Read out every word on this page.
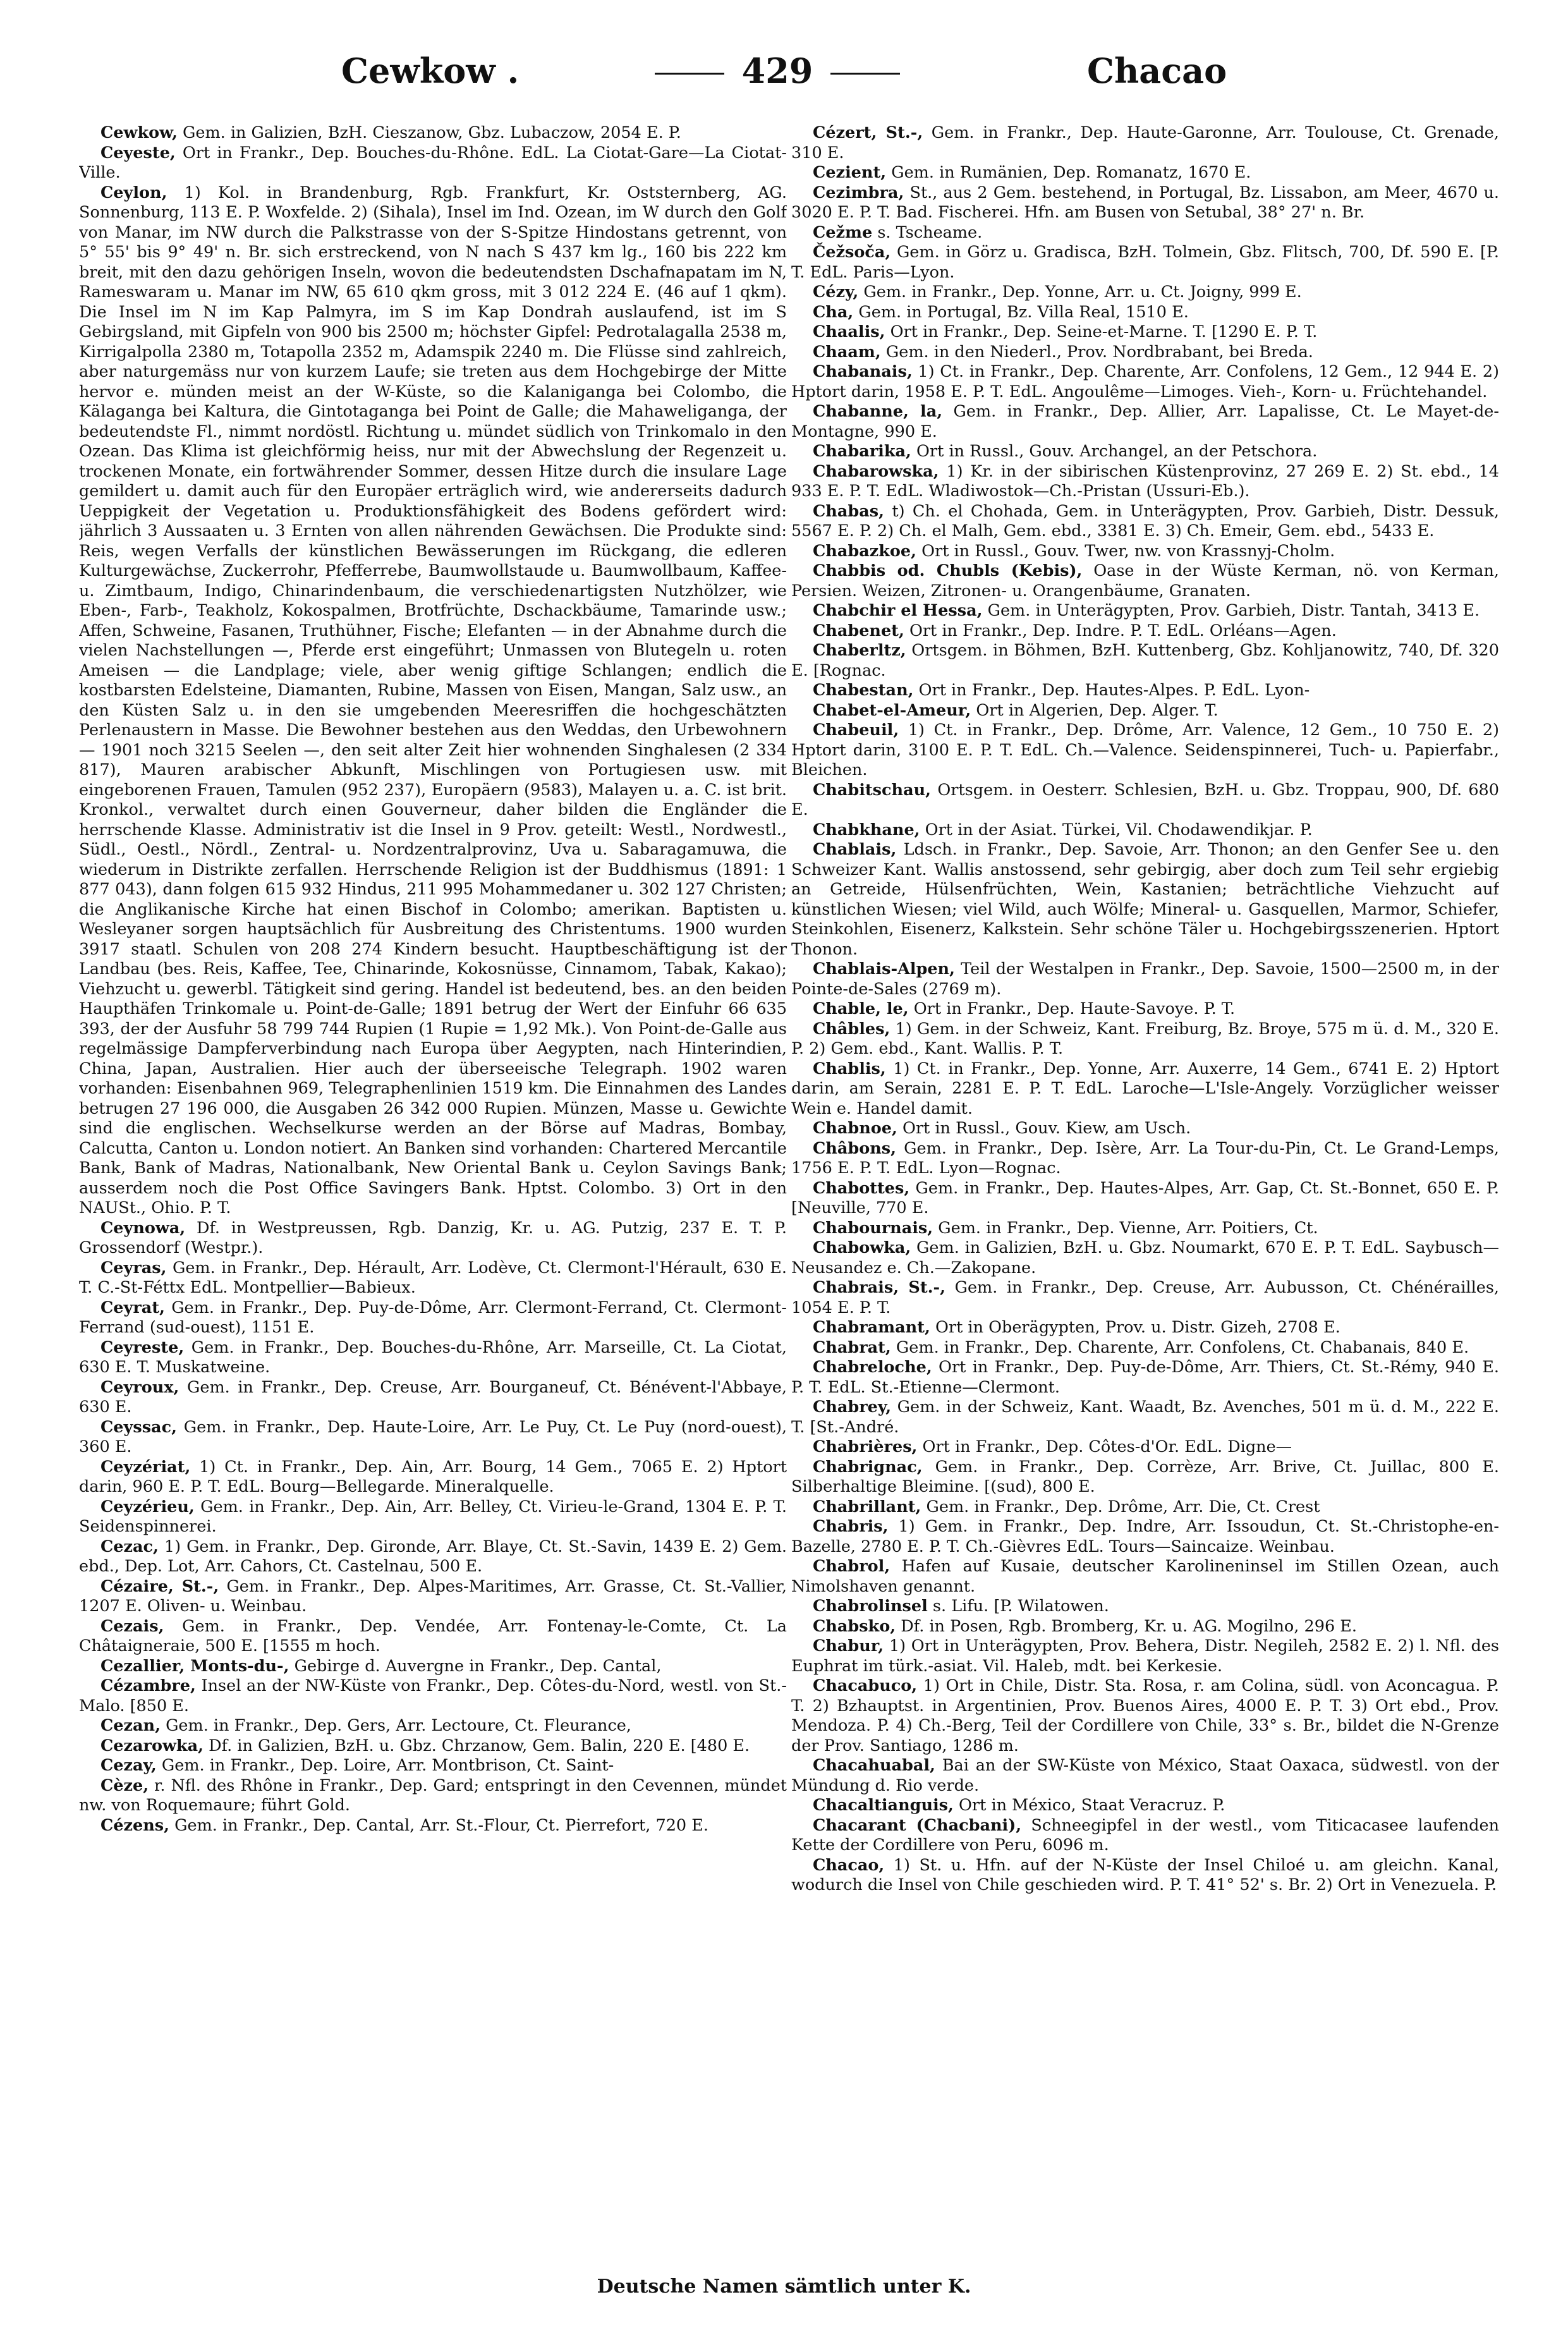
Cewkow .	429	Chacao

Cewkow, Gem. in Galizien, BzH. Cieszanow, Gbz. Lubaczow, 2054 E. P.

Ceyeste, Ort in Frankr., Dep. Bouches-du-Rhône. EdL. La Ciotat-Gare—La Ciotat-Ville.

Ceylon, 1) Kol. in Brandenburg, Rgb. Frankfurt, Kr. Oststernberg, AG. Sonnenburg, 113 E. P. Woxfelde. 2) (Sihala), Insel im Ind. Ozean, im W durch den Golf von Manar, im NW durch die Palkstrasse von der S-Spitze Hindostans getrennt, von 5° 55' bis 9° 49' n. Br. sich erstreckend, von N nach S 437 km lg., 160 bis 222 km breit, mit den dazu gehörigen Inseln, wovon die bedeutendsten Dschafnapatam im N, Rameswaram u. Manar im NW, 65 610 qkm gross, mit 3 012 224 E. (46 auf 1 qkm). Die Insel im N im Kap Palmyra, im S im Kap Dondrah auslaufend, ist im S Gebirgsland, mit Gipfeln von 900 bis 2500 m; höchster Gipfel: Pedrotalagalla 2538 m, Kirrigalpolla 2380 m, Totapolla 2352 m, Adamspik 2240 m. Die Flüsse sind zahlreich, aber naturgemäss nur von kurzem Laufe; sie treten aus dem Hochgebirge der Mitte hervor e. münden meist an der W-Küste, so die Kalanigangа bei Colombo, die Kälaganga bei Kaltura, die Gintotaganga bei Point de Galle; die Mahaweliganga, der bedeutendste Fl., nimmt nordöstl. Richtung u. mündet südlich von Trinkomalo in den Ozean. Das Klima ist gleichförmig heiss, nur mit der Abwechslung der Regenzeit u. trockenen Monate, ein fortwährender Sommer, dessen Hitze durch die insulare Lage gemildert u. damit auch für den Europäer erträglich wird, wie andererseits dadurch Ueppigkeit der Vegetation u. Produktionsfähigkeit des Bodens gefördert wird: jährlich 3 Aussaaten u. 3 Ernten von allen nährenden Gewächsen. Die Produkte sind: Reis, wegen Verfalls der künstlichen Bewässerungen im Rückgang, die edleren Kulturgewächse, Zuckerrohr, Pfefferrebe, Baumwollstaude u. Baumwollbaum, Kaffee- u. Zimtbaum, Indigo, Chinarindenbaum, die verschiedenartigsten Nutzhölzer, wie Eben-, Farb-, Teakholz, Kokospalmen, Brotfrüchte, Dschackbäume, Tamarinde usw.; Affen, Schweine, Fasanen, Truthühner, Fische; Elefanten — in der Abnahme durch die vielen Nachstellungen —, Pferde erst eingeführt; Unmassen von Blutegeln u. roten Ameisen — die Landplage; viele, aber wenig giftige Schlangen; endlich die kostbarsten Edelsteine, Diamanten, Rubine, Massen von Eisen, Mangan, Salz usw., an den Küsten Salz u. in den sie umgebenden Meeresriffen die hochgeschätzten Perlenaustern in Masse. Die Bewohner bestehen aus den Weddas, den Urbewohnern — 1901 noch 3215 Seelen —, den seit alter Zeit hier wohnenden Singhalesen (2 334 817), Mauren arabischer Abkunft, Mischlingen von Portugiesen usw. mit eingeborenen Frauen, Tamulen (952 237), Europäern (9583), Malayen u. a. C. ist brit. Kronkol., verwaltet durch einen Gouverneur, daher bilden die Engländer die herrschende Klasse. Administrativ ist die Insel in 9 Prov. geteilt: Westl., Nordwestl., Südl., Oestl., Nördl., Zentral- u. Nordzentralprovinz, Uva u. Sabaragamuwa, die wiederum in Distrikte zerfallen. Herrschende Religion ist der Buddhismus (1891: 1 877 043), dann folgen 615 932 Hindus, 211 995 Mohammedaner u. 302 127 Christen; die Anglikanische Kirche hat einen Bischof in Colombo; amerikan. Baptisten u. Wesleyaner sorgen hauptsächlich für Ausbreitung des Christentums. 1900 wurden 3917 staatl. Schulen von 208 274 Kindern besucht. Hauptbeschäftigung ist der Landbau (bes. Reis, Kaffee, Tee, Chinarinde, Kokosnüsse, Cinnamom, Tabak, Kakao); Viehzucht u. gewerbl. Tätigkeit sind gering. Handel ist bedeutend, bes. an den beiden Haupthäfen Trinkomale u. Point-de-Galle; 1891 betrug der Wert der Einfuhr 66 635 393, der der Ausfuhr 58 799 744 Rupien (1 Rupie = 1,92 Mk.). Von Point-de-Galle aus regelmässige Dampferverbindung nach Europa über Aegypten, nach Hinterindien, China, Japan, Australien. Hier auch der überseeische Telegraph. 1902 waren vorhanden: Eisenbahnen 969, Telegraphenlinien 1519 km. Die Einnahmen des Landes betrugen 27 196 000, die Ausgaben 26 342 000 Rupien. Münzen, Masse u. Gewichte sind die englischen. Wechselkurse werden an der Börse auf Madras, Bombay, Calcutta, Canton u. London notiert. An Banken sind vorhanden: Chartered Mercantile Bank, Bank of Madras, Nationalbank, New Oriental Bank u. Ceylon Savings Bank; ausserdem noch die Post Office Savingers Bank. Hptst. Colombo. 3) Ort in den NAUSt., Ohio. P. T.

Ceynowa, Df. in Westpreussen, Rgb. Danzig, Kr. u. AG. Putzig, 237 E. T. P. Grossendorf (Westpr.).

Ceyras, Gem. in Frankr., Dep. Hérault, Arr. Lodève, Ct. Clermont-l'Hérault, 630 E. T. C.-St-Féttx EdL. Montpellier—Babieux.

Ceyrat, Gem. in Frankr., Dep. Puy-de-Dôme, Arr. Clermont-Ferrand, Ct. Clermont-Ferrand (sud-ouest), 1151 E.

Ceyreste, Gem. in Frankr., Dep. Bouches-du-Rhône, Arr. Marseille, Ct. La Ciotat, 630 E. T. Muskatweine.

Ceyroux, Gem. in Frankr., Dep. Creuse, Arr. Bourganeuf, Ct. Bénévent-l'Abbaye, 630 E.

Ceyssac, Gem. in Frankr., Dep. Haute-Loire, Arr. Le Puy, Ct. Le Puy (nord-ouest), 360 E.

Ceyzériat, 1) Ct. in Frankr., Dep. Ain, Arr. Bourg, 14 Gem., 7065 E. 2) Hptort darin, 960 E. P. T. EdL. Bourg—Bellegarde. Mineralquelle.

Ceyzérieu, Gem. in Frankr., Dep. Ain, Arr. Belley, Ct. Virieu-le-Grand, 1304 E. P. T. Seidenspinnerei.

Cezac, 1) Gem. in Frankr., Dep. Gironde, Arr. Blaye, Ct. St.-Savin, 1439 E. 2) Gem. ebd., Dep. Lot, Arr. Cahors, Ct. Castelnau, 500 E.

Cézaire, St.-, Gem. in Frankr., Dep. Alpes-Maritimes, Arr. Grasse, Ct. St.-Vallier, 1207 E. Oliven- u. Weinbau.

Cezais, Gem. in Frankr., Dep. Vendée, Arr. Fontenay-le-Comte, Ct. La Châtaigneraie, 500 E. [1555 m hoch.

Cezallier, Monts-du-, Gebirge d. Auvergne in Frankr., Dep. Cantal,

Cézambre, Insel an der NW-Küste von Frankr., Dep. Côtes-du-Nord, westl. von St.-Malo. [850 E.

Cezan, Gem. in Frankr., Dep. Gers, Arr. Lectoure, Ct. Fleurance,

Cezarowka, Df. in Galizien, BzH. u. Gbz. Chrzanow, Gem. Balin, 220 E. [480 E.

Cezay, Gem. in Frankr., Dep. Loire, Arr. Montbrison, Ct. Saint-

Cèze, r. Nfl. des Rhône in Frankr., Dep. Gard; entspringt in den Cevennen, mündet nw. von Roquemaure; führt Gold.

Cézens, Gem. in Frankr., Dep. Cantal, Arr. St.-Flour, Ct. Pierrefort, 720 E.

Cézert, St.-, Gem. in Frankr., Dep. Haute-Garonne, Arr. Toulouse, Ct. Grenade, 310 E.

Cezient, Gem. in Rumänien, Dep. Romanatz, 1670 E.

Cezimbra, St., aus 2 Gem. bestehend, in Portugal, Bz. Lissabon, am Meer, 4670 u. 3020 E. P. T. Bad. Fischerei. Hfn. am Busen von Setubal, 38° 27' n. Br.

Cežme s. Tscheame.

Čežsoča, Gem. in Görz u. Gradisca, BzH. Tolmein, Gbz. Flitsch, 700, Df. 590 E. [P. T. EdL. Paris—Lyon.

Cézy, Gem. in Frankr., Dep. Yonne, Arr. u. Ct. Joigny, 999 E.

Cha, Gem. in Portugal, Bz. Villa Real, 1510 E.

Chaalis, Ort in Frankr., Dep. Seine-et-Marne. T. [1290 E. P. T.

Chaam, Gem. in den Niederl., Prov. Nordbrabant, bei Breda.

Chabanais, 1) Ct. in Frankr., Dep. Charente, Arr. Confolens, 12 Gem., 12 944 E. 2) Hptort darin, 1958 E. P. T. EdL. Angoulême—Limoges. Vieh-, Korn- u. Früchtehandel.

Chabanne, la, Gem. in Frankr., Dep. Allier, Arr. Lapalisse, Ct. Le Mayet-de-Montagne, 990 E.

Chabarika, Ort in Russl., Gouv. Archangel, an der Petschora.

Chabarowska, 1) Kr. in der sibirischen Küstenprovinz, 27 269 E. 2) St. ebd., 14 933 E. P. T. EdL. Wladiwostok—Ch.-Pristan (Ussuri-Eb.).

Chabas, t) Ch. el Chohada, Gem. in Unterägypten, Prov. Garbieh, Distr. Dessuk, 5567 E. P. 2) Ch. el Malh, Gem. ebd., 3381 E. 3) Ch. Emeir, Gem. ebd., 5433 E.

Chabazkoe, Ort in Russl., Gouv. Twer, nw. von Krassnyj-Cholm.

Chabbis od. Chubls (Kebis), Oase in der Wüste Kerman, nö. von Kerman, Persien. Weizen, Zitronen- u. Orangenbäume, Granaten.

Chabchir el Hessa, Gem. in Unterägypten, Prov. Garbieh, Distr. Tantah, 3413 E.

Chabenet, Ort in Frankr., Dep. Indre. P. T. EdL. Orléans—Agen.

Chaberltz, Ortsgem. in Böhmen, BzH. Kuttenberg, Gbz. Kohljanowitz, 740, Df. 320 E. [Rognac.

Chabestan, Ort in Frankr., Dep. Hautes-Alpes. P. EdL. Lyon-

Chabet-el-Ameur, Ort in Algerien, Dep. Alger. T.

Chabeuil, 1) Ct. in Frankr., Dep. Drôme, Arr. Valence, 12 Gem., 10 750 E. 2) Hptort darin, 3100 E. P. T. EdL. Ch.—Valence. Seidenspinnerei, Tuch- u. Papierfabr., Bleichen.

Chabitschau, Ortsgem. in Oesterr. Schlesien, BzH. u. Gbz. Troppau, 900, Df. 680 E.

Chabkhane, Ort in der Asiat. Türkei, Vil. Chodawendikjar. P.

Chablais, Ldsch. in Frankr., Dep. Savoie, Arr. Thonon; an den Genfer See u. den Schweizer Kant. Wallis anstossend, sehr gebirgig, aber doch zum Teil sehr ergiebig an Getreide, Hülsenfrüchten, Wein, Kastanien; beträchtliche Viehzucht auf künstlichen Wiesen; viel Wild, auch Wölfe; Mineral- u. Gasquellen, Marmor, Schiefer, Steinkohlen, Eisenerz, Kalkstein. Sehr schöne Täler u. Hochgebirgsszenerien. Hptort Thonon.

Chablais-Alpen, Teil der Westalpen in Frankr., Dep. Savoie, 1500—2500 m, in der Pointe-de-Sales (2769 m).

Chable, le, Ort in Frankr., Dep. Haute-Savoye. P. T.

Châbles, 1) Gem. in der Schweiz, Kant. Freiburg, Bz. Broye, 575 m ü. d. M., 320 E. P. 2) Gem. ebd., Kant. Wallis. P. T.

Chablis, 1) Ct. in Frankr., Dep. Yonne, Arr. Auxerre, 14 Gem., 6741 E. 2) Hptort darin, am Serain, 2281 E. P. T. EdL. Laroche—L'Isle-Angely. Vorzüglicher weisser Wein e. Handel damit.

Chabnoe, Ort in Russl., Gouv. Kiew, am Usch.

Châbons, Gem. in Frankr., Dep. Isère, Arr. La Tour-du-Pin, Ct. Le Grand-Lemps, 1756 E. P. T. EdL. Lyon—Rognac.

Chabottes, Gem. in Frankr., Dep. Hautes-Alpes, Arr. Gap, Ct. St.-Bonnet, 650 E. P. [Neuville, 770 E.

Chabournais, Gem. in Frankr., Dep. Vienne, Arr. Poitiers, Ct.

Chabowka, Gem. in Galizien, BzH. u. Gbz. Noumarkt, 670 E. P. T. EdL. Saybusch—Neusandez e. Ch.—Zakopane.

Chabrais, St.-, Gem. in Frankr., Dep. Creuse, Arr. Aubusson, Ct. Chénérailles, 1054 E. P. T.

Chabramant, Ort in Oberägypten, Prov. u. Distr. Gizeh, 2708 E.

Chabrat, Gem. in Frankr., Dep. Charente, Arr. Confolens, Ct. Chabanais, 840 E.

Chabreloche, Ort in Frankr., Dep. Puy-de-Dôme, Arr. Thiers, Ct. St.-Rémy, 940 E. P. T. EdL. St.-Etienne—Clermont.

Chabrey, Gem. in der Schweiz, Kant. Waadt, Bz. Avenches, 501 m ü. d. M., 222 E. T. [St.-André.

Chabrières, Ort in Frankr., Dep. Côtes-d'Or. EdL. Digne—

Chabrignac, Gem. in Frankr., Dep. Corrèze, Arr. Brive, Ct. Juillac, 800 E. Silberhaltige Bleimine. [(sud), 800 E.

Chabrillant, Gem. in Frankr., Dep. Drôme, Arr. Die, Ct. Crest

Chabris, 1) Gem. in Frankr., Dep. Indre, Arr. Issoudun, Ct. St.-Christophe-en-Bazelle, 2780 E. P. T. Ch.-Gièvres EdL. Tours—Saincaize. Weinbau.

Chabrol, Hafen auf Kusaie, deutscher Karolineninsel im Stillen Ozean, auch Nimolshaven genannt.

Chabrolinsel s. Lifu. [P. Wilatowen.

Chabsko, Df. in Posen, Rgb. Bromberg, Kr. u. AG. Mogilno, 296 E.

Chabur, 1) Ort in Unterägypten, Prov. Behera, Distr. Negileh, 2582 E. 2) l. Nfl. des Euphrat im türk.-asiat. Vil. Haleb, mdt. bei Kerkesie.

Chacabuco, 1) Ort in Chile, Distr. Sta. Rosa, r. am Colina, südl. von Aconcagua. P. T. 2) Bzhauptst. in Argentinien, Prov. Buenos Aires, 4000 E. P. T. 3) Ort ebd., Prov. Mendoza. P. 4) Ch.-Berg, Teil der Cordillere von Chile, 33° s. Br., bildet die N-Grenze der Prov. Santiago, 1286 m.

Chacahuabal, Bai an der SW-Küste von México, Staat Oaxaca, südwestl. von der Mündung d. Rio verde.

Chacaltianguis, Ort in México, Staat Veracruz. P.

Chacarant (Chacbani), Schneegipfel in der westl., vom Titicacasee laufenden Kette der Cordillere von Peru, 6096 m.

Chacao, 1) St. u. Hfn. auf der N-Küste der Insel Chiloé u. am gleichn. Kanal, wodurch die Insel von Chile geschieden wird. P. T. 41° 52' s. Br. 2) Ort in Venezuela. P.

Deutsche Namen sämtlich unter K.
